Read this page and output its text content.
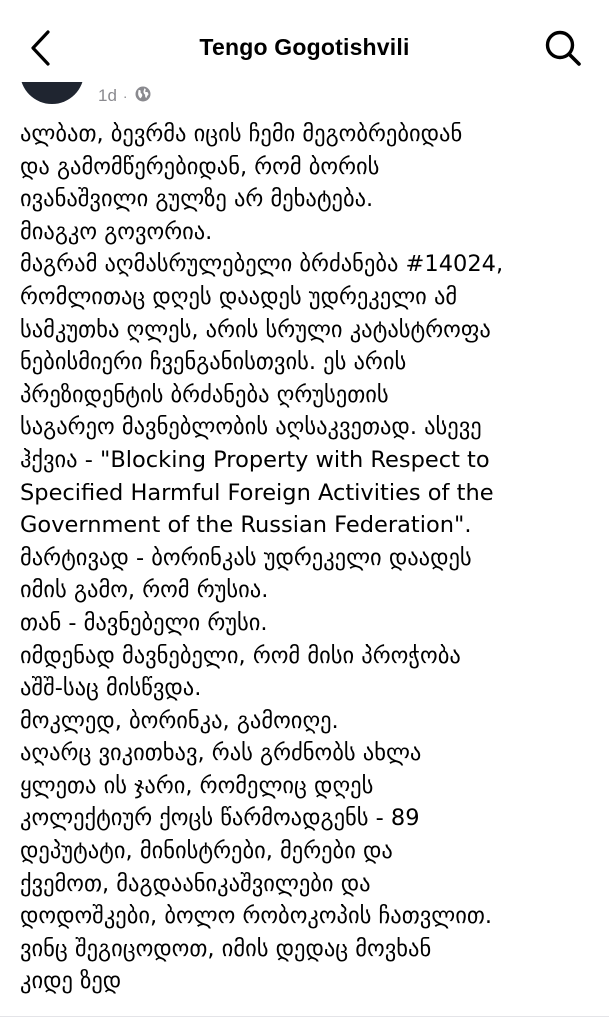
1d ·
Tengo Gogotishvili

ალბათ, ბევრმა იცის ჩემი მეგობრებიდან
და გამომწერებიდან, რომ ბორის
ივანაშვილი გულზე არ მეხატება.
მიაგკო გოვორია.
მაგრამ აღმასრულებელი ბრძანება #14024,
რომლითაც დღეს დაადეს უდრეკელი ამ
სამკუთხა ღლეს, არის სრული კატასტროფა
ნებისმიერი ჩვენგანისთვის. ეს არის
პრეზიდენტის ბრძანება ღრუსეთის
საგარეო მავნებლობის აღსაკვეთად. ასევე
ჰქვია - "Blocking Property with Respect to
Specified Harmful Foreign Activities of the
Government of the Russian Federation".
მარტივად - ბორინკას უდრეკელი დაადეს
იმის გამო, რომ რუსია.
თან - მავნებელი რუსი.
იმდენად მავნებელი, რომ მისი პროჭობა
აშშ-საც მისწვდა.
მოკლედ, ბორინკა, გამოიღე.
აღარც ვიკითხავ, რას გრძნობს ახლა
ყლეთა ის ჯარი, რომელიც დღეს
კოლექტიურ ქოცს წარმოადგენს - 89
დეპუტატი, მინისტრები, მერები და
ქვემოთ, მაგდაანიკაშვილები და
დოდოშკები, ბოლო რობოკოპის ჩათვლით.
ვინც შეგიცოდოთ, იმის დედაც მოვხან
კიდე ზედ
